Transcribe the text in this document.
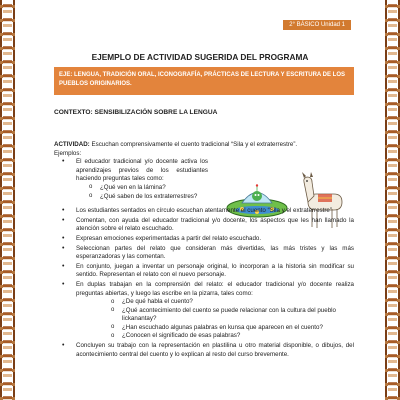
2° BÁSICO Unidad 1
EJEMPLO DE ACTIVIDAD SUGERIDA DEL PROGRAMA
EJE: LENGUA, TRADICIÓN ORAL, ICONOGRAFÍA, PRÁCTICAS DE LECTURA Y ESCRITURA DE LOS PUEBLOS ORIGINARIOS.
CONTEXTO: SENSIBILIZACIÓN SOBRE LA LENGUA

ACTIVIDAD: Escuchan comprensivamente el cuento tradicional “Sila y el extraterrestre”.

Ejemplos:

• El educador tradicional y/o docente activa los aprendizajes previos de los estudiantes haciendo preguntas tales como:
o ¿Qué ven en la lámina?
o ¿Qué saben de los extraterrestres?
• Los estudiantes sentados en círculo escuchan atentamente el cuento “Sila y el extraterrestre”
• Comentan, con ayuda del educador tradicional y/o docente, los aspectos que les han llamado la atención sobre el relato escuchado.
• Expresan emociones experimentadas a partir del relato escuchado.
• Seleccionan partes del relato que consideran más divertidas, las más tristes y las más esperanzadoras y las comentan.
• En conjunto, juegan a inventar un personaje original, lo incorporan a la historia sin modificar su sentido. Representan el relato con el nuevo personaje.
• En duplas trabajan en la comprensión del relato: el educador tradicional y/o docente realiza preguntas abiertas, y luego las escribe en la pizarra, tales como:
o ¿De qué habla el cuento?
o ¿Qué acontecimiento del cuento se puede relacionar con la cultura del pueblo lickanantay?
o ¿Han escuchado algunas palabras en kunsa que aparecen en el cuento?
o ¿Conocen el significado de esas palabras?
• Concluyen su trabajo con la representación en plastilina u otro material disponible, o dibujos, del acontecimiento central del cuento y lo explican al resto del curso brevemente.
